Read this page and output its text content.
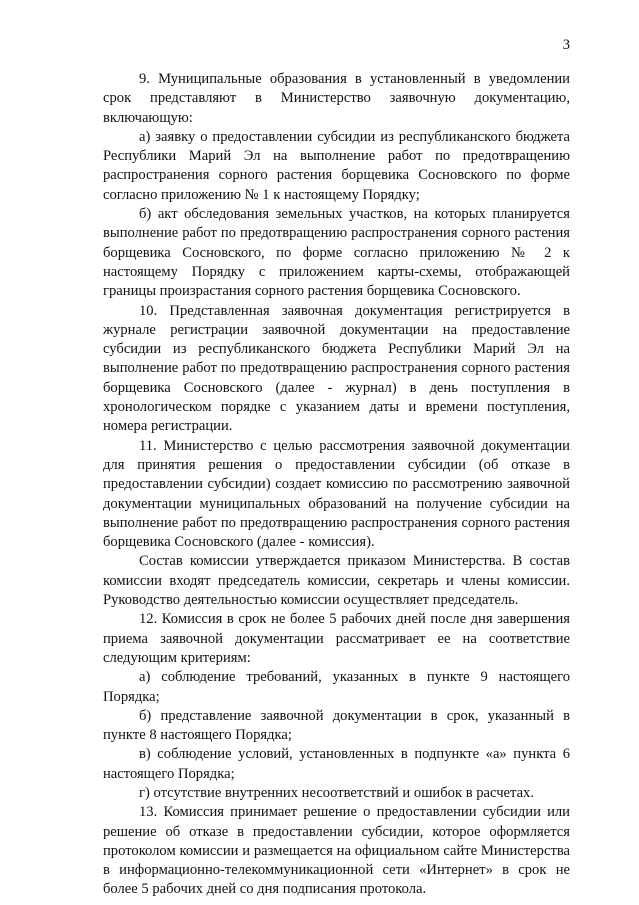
3

9. Муниципальные образования в установленный в уведомлении срок представляют в Министерство заявочную документацию, включающую:

а) заявку о предоставлении субсидии из республиканского бюджета Республики Марий Эл на выполнение работ по предотвращению распространения сорного растения борщевика Сосновского по форме согласно приложению № 1 к настоящему Порядку;

б) акт обследования земельных участков, на которых планируется выполнение работ по предотвращению распространения сорного растения борщевика Сосновского, по форме согласно приложению № 2 к настоящему Порядку с приложением карты-схемы, отображающей границы произрастания сорного растения борщевика Сосновского.

10. Представленная заявочная документация регистрируется в журнале регистрации заявочной документации на предоставление субсидии из республиканского бюджета Республики Марий Эл на выполнение работ по предотвращению распространения сорного растения борщевика Сосновского (далее - журнал) в день поступления в хронологическом порядке с указанием даты и времени поступления, номера регистрации.

11. Министерство с целью рассмотрения заявочной документации для принятия решения о предоставлении субсидии (об отказе в предоставлении субсидии) создает комиссию по рассмотрению заявочной документации муниципальных образований на получение субсидии на выполнение работ по предотвращению распространения сорного растения борщевика Сосновского (далее - комиссия).

Состав комиссии утверждается приказом Министерства. В состав комиссии входят председатель комиссии, секретарь и члены комиссии. Руководство деятельностью комиссии осуществляет председатель.

12. Комиссия в срок не более 5 рабочих дней после дня завершения приема заявочной документации рассматривает ее на соответствие следующим критериям:

а) соблюдение требований, указанных в пункте 9 настоящего Порядка;

б) представление заявочной документации в срок, указанный в пункте 8 настоящего Порядка;

в) соблюдение условий, установленных в подпункте «а» пункта 6 настоящего Порядка;

г) отсутствие внутренних несоответствий и ошибок в расчетах.

13. Комиссия принимает решение о предоставлении субсидии или решение об отказе в предоставлении субсидии, которое оформляется протоколом комиссии и размещается на официальном сайте Министерства в информационно-телекоммуникационной сети «Интернет» в срок не более 5 рабочих дней со дня подписания протокола.
